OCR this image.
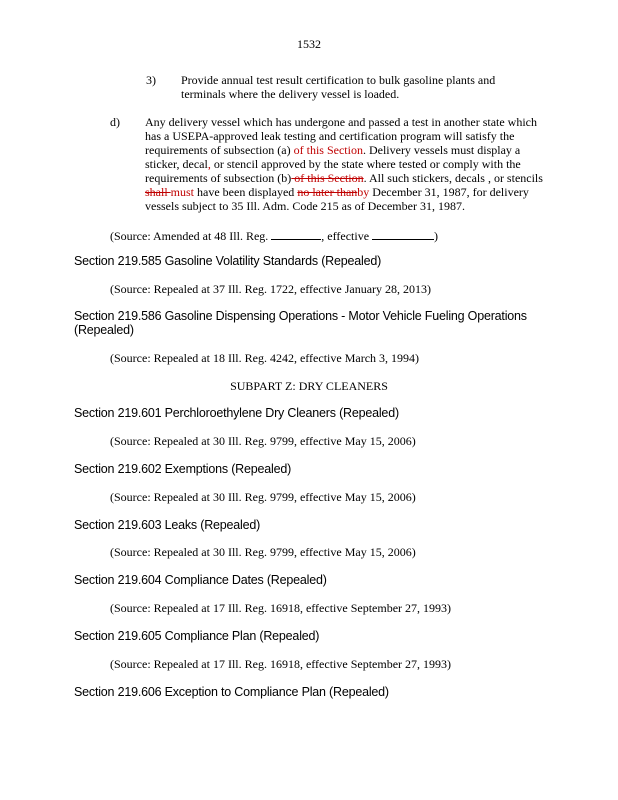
1532
3) Provide annual test result certification to bulk gasoline plants and
terminals where the delivery vessel is loaded.
d) Any delivery vessel which has undergone and passed a test in another state which has a USEPA-approved leak testing and certification program will satisfy the requirements of subsection (a) of this Section. Delivery vessels must display a sticker, decal, or stencil approved by the state where tested or comply with the requirements of subsection (b) of this Section. All such stickers, decals , or stencils shall must have been displayed no later thanby December 31, 1987, for delivery vessels subject to 35 Ill. Adm. Code 215 as of December 31, 1987.
(Source: Amended at 48 Ill. Reg.	, effective	)
Section 219.585 Gasoline Volatility Standards (Repealed)
(Source: Repealed at 37 Ill. Reg. 1722, effective January 28, 2013)
Section 219.586 Gasoline Dispensing Operations - Motor Vehicle Fueling Operations
(Repealed)
(Source: Repealed at 18 Ill. Reg. 4242, effective March 3, 1994)
SUBPART Z: DRY CLEANERS
Section 219.601 Perchloroethylene Dry Cleaners (Repealed)
(Source: Repealed at 30 Ill. Reg. 9799, effective May 15, 2006)
Section 219.602 Exemptions (Repealed)
(Source: Repealed at 30 Ill. Reg. 9799, effective May 15, 2006)
Section 219.603 Leaks (Repealed)
(Source: Repealed at 30 Ill. Reg. 9799, effective May 15, 2006)
Section 219.604 Compliance Dates (Repealed)
(Source: Repealed at 17 Ill. Reg. 16918, effective September 27, 1993)
Section 219.605 Compliance Plan (Repealed)
(Source: Repealed at 17 Ill. Reg. 16918, effective September 27, 1993)
Section 219.606 Exception to Compliance Plan (Repealed)
